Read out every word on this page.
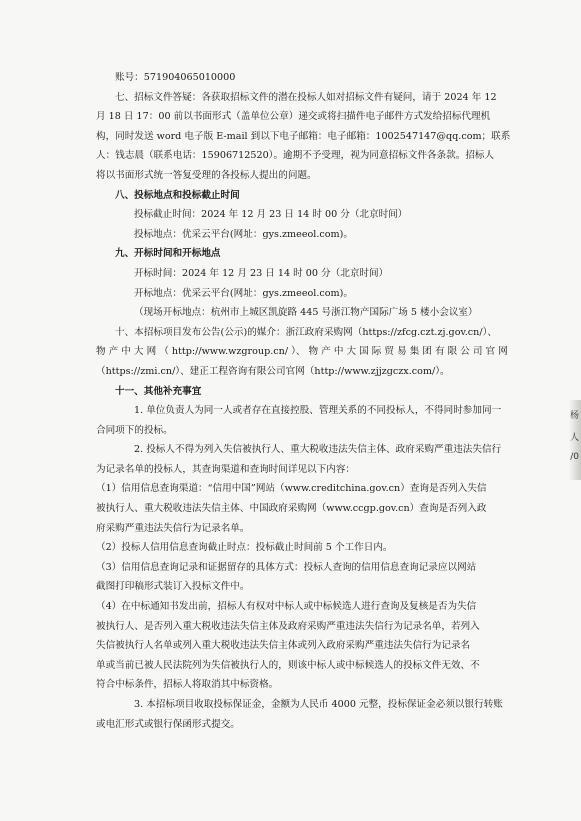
账号：571904065010000
七、招标文件答疑：各获取招标文件的潜在投标人如对招标文件有疑问，请于 2024 年 12
月 18 日 17：00 前以书面形式（盖单位公章）递交或将扫描件电子邮件方式发给招标代理机
构，同时发送 word 电子版 E-mail 到以下电子邮箱：电子邮箱：1002547147@qq.com；联系
人：钱志晨（联系电话：15906712520）。逾期不予受理，视为同意招标文件各条款。招标人
将以书面形式统一答复受理的各投标人提出的问题。
八、投标地点和投标截止时间
投标截止时间：2024 年 12 月 23 日 14 时 00 分（北京时间）
投标地点：优采云平台(网址：gys.zmeeol.com)。
九、开标时间和开标地点
开标时间：2024 年 12 月 23 日 14 时 00 分（北京时间）
开标地点：优采云平台(网址：gys.zmeeol.com)。
（现场开标地点：杭州市上城区凯旋路 445 号浙江物产国际广场 5 楼小会议室）
十、本招标项目发布公告(公示)的媒介：浙江政府采购网（https://zfcg.czt.zj.gov.cn/）、
物 产 中 大 网 （ http://www.wzgroup.cn/ ）、 物 产 中 大 国 际 贸 易 集 团 有 限 公 司 官 网
（https://zmi.cn/）、建正工程咨询有限公司官网（http://www.zjjzgczx.com/）。
十一、其他补充事宜
1. 单位负责人为同一人或者存在直接控股、管理关系的不同投标人，不得同时参加同一
合同项下的投标。
2. 投标人不得为列入失信被执行人、重大税收违法失信主体、政府采购严重违法失信行
为记录名单的投标人，其查询渠道和查询时间详见以下内容：
（1）信用信息查询渠道：“信用中国”网站（www.creditchina.gov.cn）查询是否列入失信
被执行人、重大税收违法失信主体、中国政府采购网（www.ccgp.gov.cn）查询是否列入政
府采购严重违法失信行为记录名单。
（2）投标人信用信息查询截止时点：投标截止时间前 5 个工作日内。
（3）信用信息查询记录和证据留存的具体方式：投标人查询的信用信息查询记录应以网站
截图打印稿形式装订入投标文件中。
（4）在中标通知书发出前，招标人有权对中标人或中标候选人进行查询及复核是否为失信
被执行人、是否列入重大税收违法失信主体及政府采购严重违法失信行为记录名单，若列入
失信被执行人名单或列入重大税收违法失信主体或列入政府采购严重违法失信行为记录名
单或当前已被人民法院列为失信被执行人的，则该中标人或中标候选人的投标文件无效、不
符合中标条件，招标人将取消其中标资格。
3. 本招标项目收取投标保证金，金额为人民币 4000 元整，投标保证金必须以银行转账
或电汇形式或银行保函形式提交。
杨
人
/0
